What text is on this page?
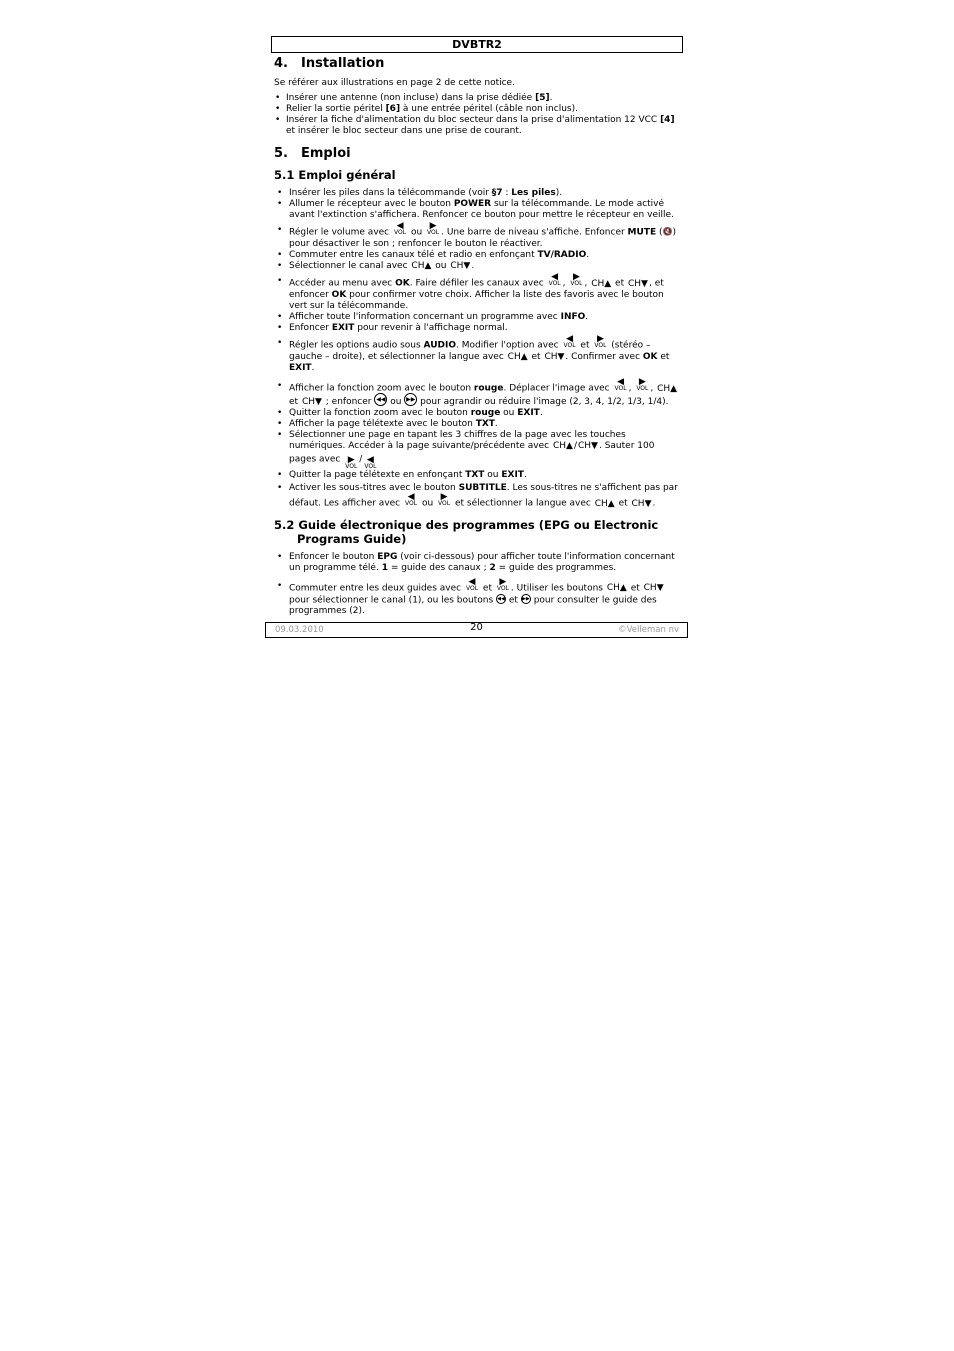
DVBTR2
4. Installation

Se référer aux illustrations en page 2 de cette notice.

• Insérer une antenne (non incluse) dans la prise dédiée [5].
• Relier la sortie péritel [6] à une entrée péritel (câble non inclus).
• Insérer la fiche d'alimentation du bloc secteur dans la prise d'alimentation 12 VCC [4] et insérer le bloc secteur dans une prise de courant.
5. Emploi
5.1 Emploi général
• Insérer les piles dans la télécommande (voir §7 : Les piles).
• Allumer le récepteur avec le bouton POWER sur la télécommande. Le mode activé avant l'extinction s'affichera. Renfoncer ce bouton pour mettre le récepteur en veille.
• Régler le volume avec
◀
VOL ou
▶
VOL . Une barre de niveau s'affiche. Enfoncer MUTE (🔇) pour désactiver le son ; renfoncer le bouton le réactiver.
• Commuter entre les canaux télé et radio en enfonçant TV/RADIO.
• Sélectionner le canal avec CH▲ ou CH▼.
• Accéder au menu avec OK. Faire défiler les canaux avec
◀
VOL ,
▶
VOL , CH▲ et CH▼, et enfoncer OK pour confirmer votre choix. Afficher la liste des favoris avec le bouton vert sur la télécommande.
• Afficher toute l'information concernant un programme avec INFO.
• Enfoncer EXIT pour revenir à l'affichage normal.
• Régler les options audio sous AUDIO. Modifier l'option avec
◀
VOL et
▶
VOL (stéréo – gauche – droite), et sélectionner la langue avec CH▲ et CH▼. Confirmer avec OK et EXIT.
• Afficher la fonction zoom avec le bouton rouge. Déplacer l'image avec
◀
VOL ,
▶
VOL , CH▲ et CH▼ ; enfoncer ◀◀ ou ▶▶ pour agrandir ou réduire l'image (2, 3, 4, 1/2, 1/3, 1/4).
• Quitter la fonction zoom avec le bouton rouge ou EXIT.
• Afficher la page télétexte avec le bouton TXT.
• Sélectionner une page en tapant les 3 chiffres de la page avec les touches numériques. Accéder à la page suivante/précédente avec CH▲/CH▼. Sauter 100 pages avec ▶
VOL/ ◀
VOL
• Quitter la page télétexte en enfonçant TXT ou EXIT.
• Activer les sous-titres avec le bouton SUBTITLE. Les sous-titres ne s'affichent pas par défaut. Les afficher avec
◀
VOL ou
▶
VOL et sélectionner la langue avec CH▲ et CH▼.
5.2 Guide électronique des programmes (EPG ou Electronic Programs Guide)
• Enfoncer le bouton EPG (voir ci-dessous) pour afficher toute l'information concernant un programme télé. 1 = guide des canaux ; 2 = guide des programmes.
• Commuter entre les deux guides avec
◀
VOL et
▶
VOL . Utiliser les boutons CH▲ et CH▼ pour sélectionner le canal (1), ou les boutons ◀◀ et ▶▶ pour consulter le guide des programmes (2).
09.03.2010	20	©Velleman nv
